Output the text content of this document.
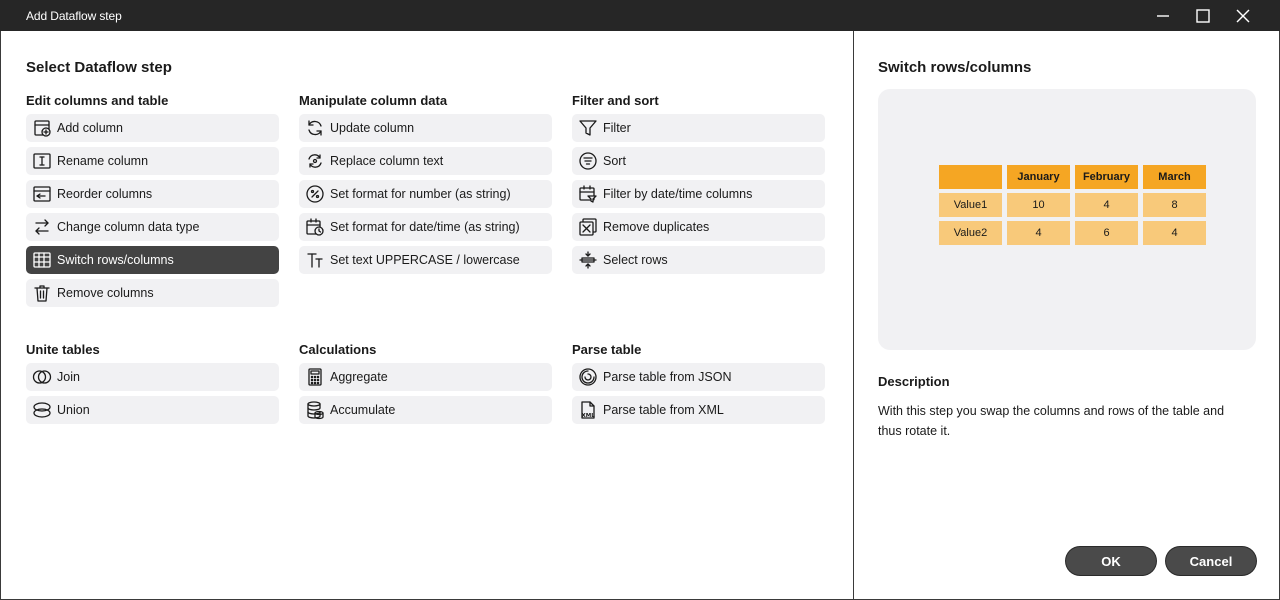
Add Dataflow step
Select Dataflow step
Edit columns and table
Add column
Rename column
Reorder columns
Change column data type
Switch rows/columns
Remove columns
Manipulate column data
Update column
Replace column text
Set format for number (as string)
Set format for date/time (as string)
Set text UPPERCASE / lowercase
Filter and sort
Filter
Sort
Filter by date/time columns
Remove duplicates
Select rows
Unite tables
Join
Union
Calculations
Aggregate
Accumulate
Parse table
Parse table from JSON
XML Parse table from XML
Switch rows/columns
	January	February	March
Value1	10	4	8
Value2	4	6	4
Description
With this step you swap the columns and rows of the table and thus rotate it.
OK	Cancel
